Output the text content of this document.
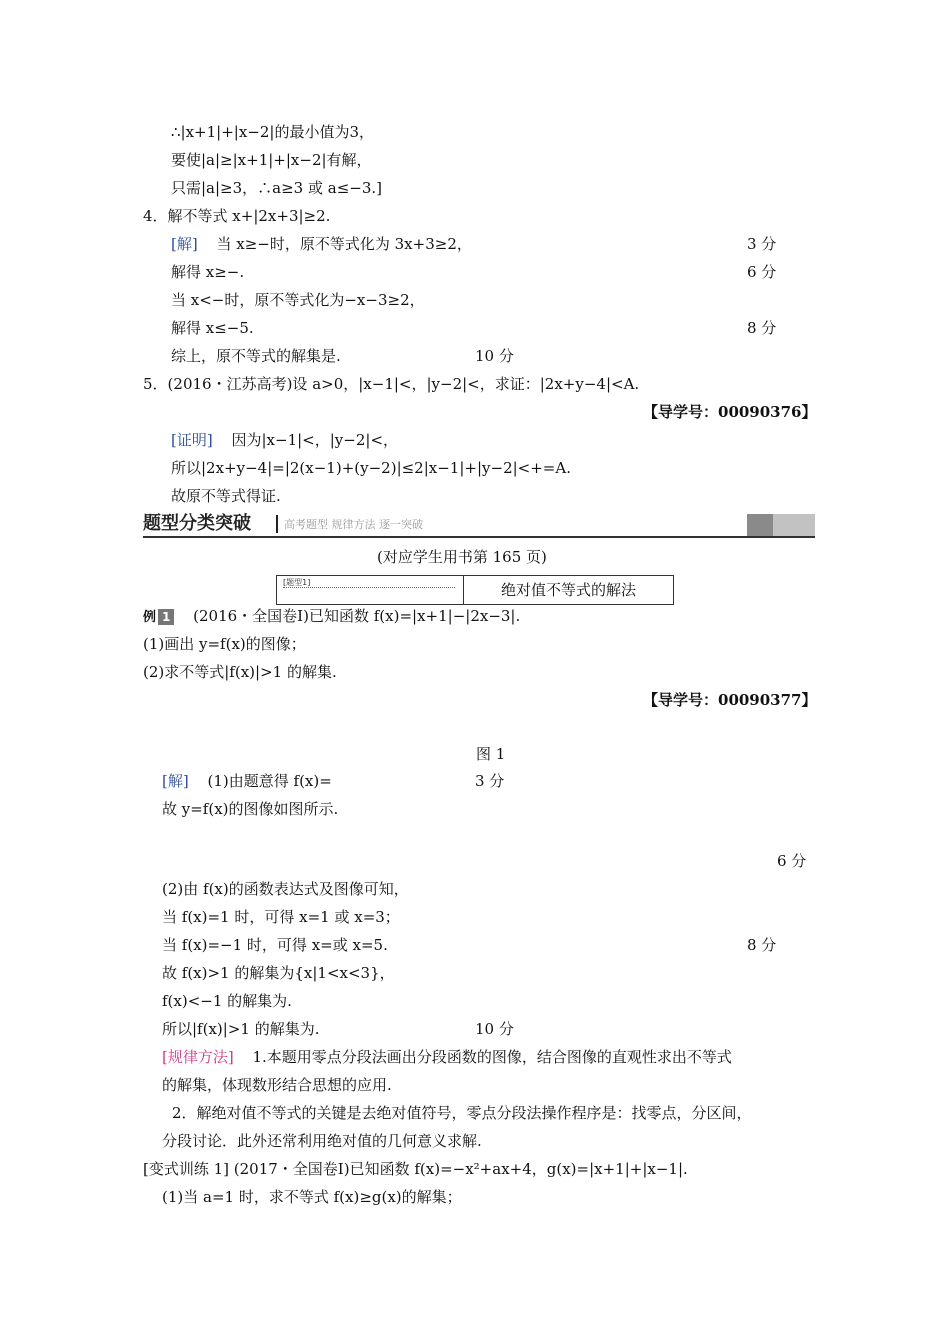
∴|x+1|+|x−2|的最小值为3，
要使|a|≥|x+1|+|x−2|有解，
只需|a|≥3，∴a≥3 或 a≤−3.]
4．解不等式 x+|2x+3|≥2.
[解] 当 x≥−时，原不等式化为 3x+3≥2，	3 分
解得 x≥−.	6 分
当 x<−时，原不等式化为−x−3≥2，
解得 x≤−5.	8 分
综上，原不等式的解集是.	10 分
5．(2016・江苏高考)设 a>0，|x−1|<，|y−2|<，求证：|2x+y−4|<A.
【导学号：00090376】
[证明] 因为|x−1|<，|y−2|<，
所以|2x+y−4|=|2(x−1)+(y−2)|≤2|x−1|+|y−2|<+=A.
故原不等式得证.
题型分类突破	高考题型 规律方法 逐一突破
(对应学生用书第 165 页)
[题型1]	绝对值不等式的解法
例 1 (2016・全国卷Ⅰ)已知函数 f(x)=|x+1|−|2x−3|.
(1)画出 y=f(x)的图像；
(2)求不等式|f(x)|>1 的解集.
【导学号：00090377】
图 1
[解] (1)由题意得 f(x)=	3 分
故 y=f(x)的图像如图所示.
6 分
(2)由 f(x)的函数表达式及图像可知，
当 f(x)=1 时，可得 x=1 或 x=3；
当 f(x)=−1 时，可得 x=或 x=5.	8 分
故 f(x)>1 的解集为{x|1<x<3}，
f(x)<−1 的解集为.
所以|f(x)|>1 的解集为.	10 分
[规律方法] 1.本题用零点分段法画出分段函数的图像，结合图像的直观性求出不等式
的解集，体现数形结合思想的应用.
2．解绝对值不等式的关键是去绝对值符号，零点分段法操作程序是：找零点，分区间，
分段讨论．此外还常利用绝对值的几何意义求解.
[变式训练 1] (2017・全国卷Ⅰ)已知函数 f(x)=−x²+ax+4，g(x)=|x+1|+|x−1|.
(1)当 a=1 时，求不等式 f(x)≥g(x)的解集；
